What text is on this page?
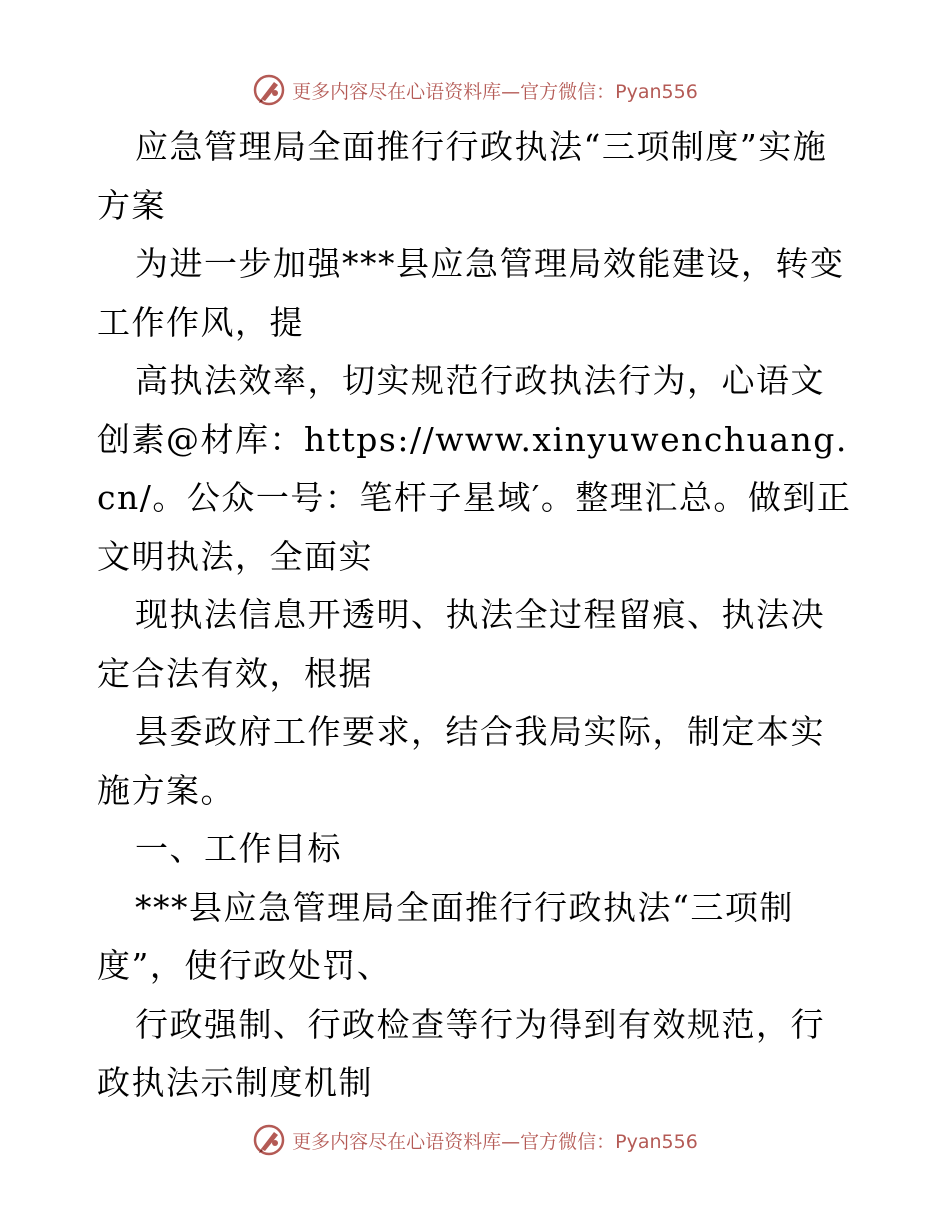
更多内容尽在心语资料库—官方微信：Pyan556

应急管理局全面推行行政执法“三项制度”实施方案

为进一步加强***县应急管理局效能建设，转变工作作风，提

高执法效率，切实规范行政执法行为，心语文创素@材库：https://www.xinyuwenchuang.cn/。公众一号：笔杆子星域′。整理汇总。做到正文明执法，全面实

现执法信息开透明、执法全过程留痕、执法决定合法有效，根据

县委政府工作要求，结合我局实际，制定本实施方案。

一、工作目标

***县应急管理局全面推行行政执法“三项制度”，使行政处罚、

行政强制、行政检查等行为得到有效规范，行政执法示制度机制

更多内容尽在心语资料库—官方微信：Pyan556
